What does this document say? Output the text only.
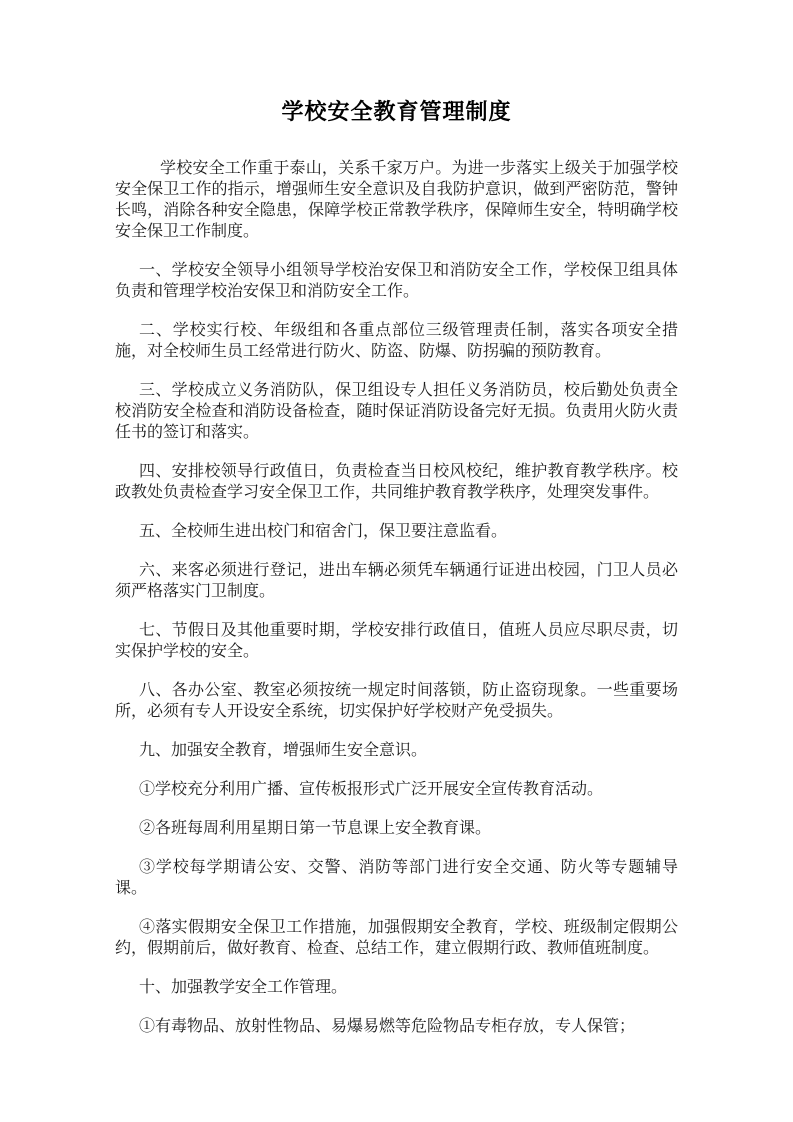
学校安全教育管理制度

学校安全工作重于泰山，关系千家万户。为进一步落实上级关于加强学校安全保卫工作的指示，增强师生安全意识及自我防护意识，做到严密防范，警钟长鸣，消除各种安全隐患，保障学校正常教学秩序，保障师生安全，特明确学校安全保卫工作制度。

一、学校安全领导小组领导学校治安保卫和消防安全工作，学校保卫组具体负责和管理学校治安保卫和消防安全工作。

二、学校实行校、年级组和各重点部位三级管理责任制，落实各项安全措施，对全校师生员工经常进行防火、防盗、防爆、防拐骗的预防教育。

三、学校成立义务消防队，保卫组设专人担任义务消防员，校后勤处负责全校消防安全检查和消防设备检查，随时保证消防设备完好无损。负责用火防火责任书的签订和落实。

四、安排校领导行政值日，负责检查当日校风校纪，维护教育教学秩序。校政教处负责检查学习安全保卫工作，共同维护教育教学秩序，处理突发事件。

五、全校师生进出校门和宿舍门，保卫要注意监看。

六、来客必须进行登记，进出车辆必须凭车辆通行证进出校园，门卫人员必须严格落实门卫制度。

七、节假日及其他重要时期，学校安排行政值日，值班人员应尽职尽责，切实保护学校的安全。

八、各办公室、教室必须按统一规定时间落锁，防止盗窃现象。一些重要场所，必须有专人开设安全系统，切实保护好学校财产免受损失。

九、加强安全教育，增强师生安全意识。

①学校充分利用广播、宣传板报形式广泛开展安全宣传教育活动。

②各班每周利用星期日第一节息课上安全教育课。

③学校每学期请公安、交警、消防等部门进行安全交通、防火等专题辅导课。

④落实假期安全保卫工作措施，加强假期安全教育，学校、班级制定假期公约，假期前后，做好教育、检查、总结工作，建立假期行政、教师值班制度。

十、加强教学安全工作管理。

①有毒物品、放射性物品、易爆易燃等危险物品专柜存放，专人保管；
